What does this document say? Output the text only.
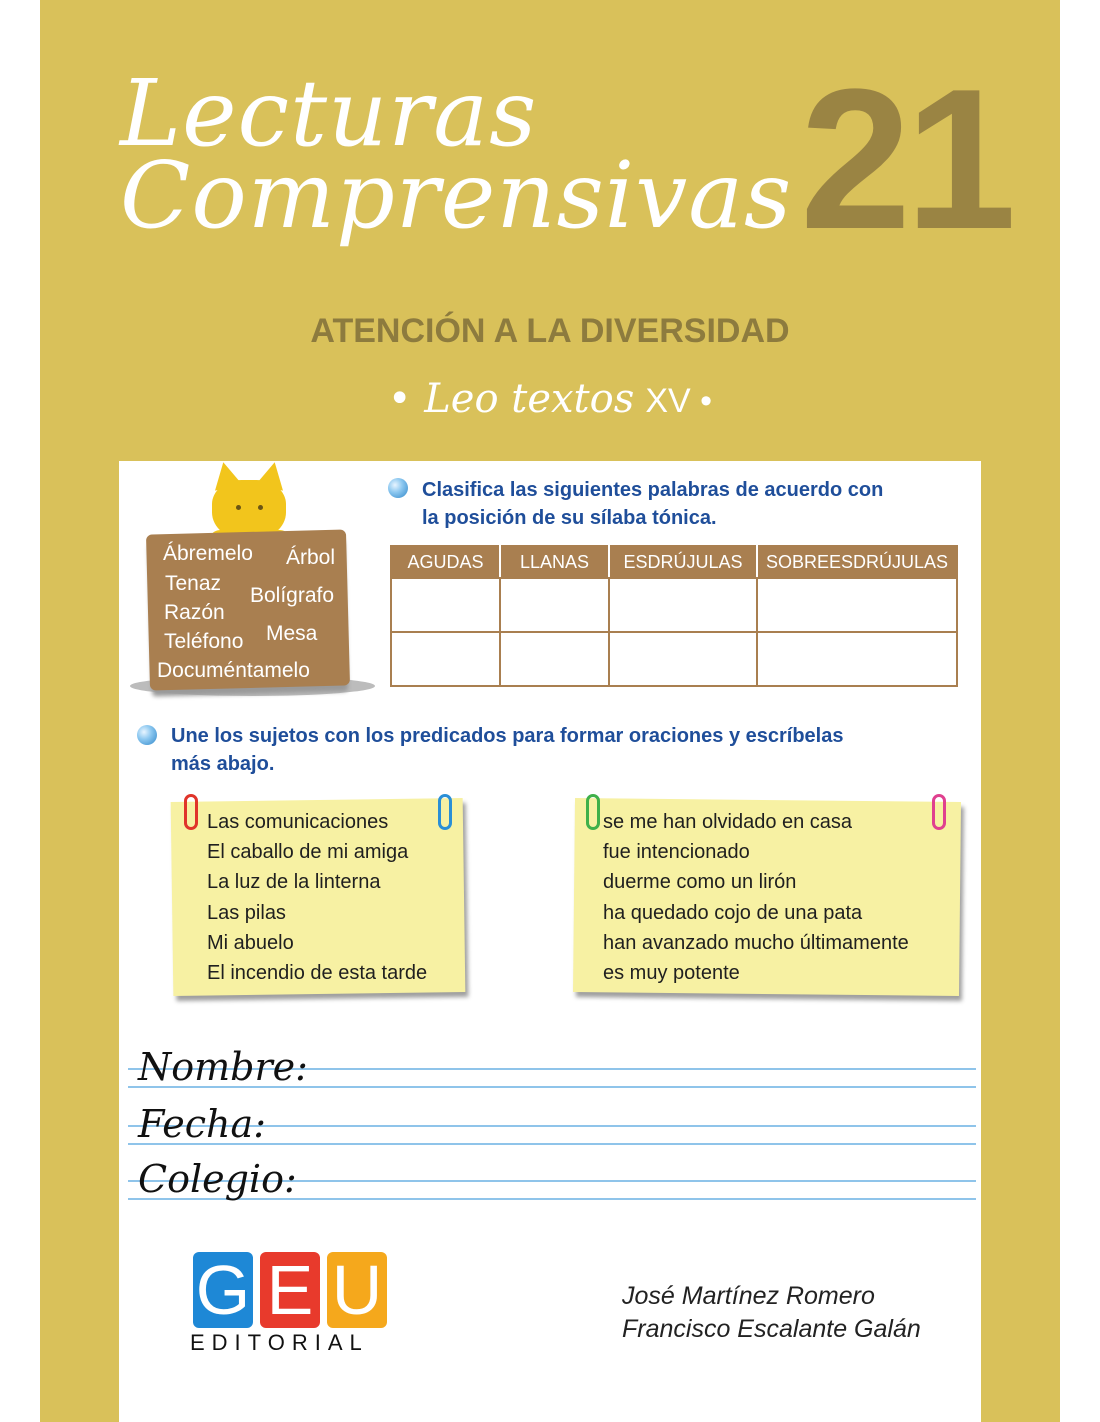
Lecturas
Comprensivas 21
ATENCIÓN A LA DIVERSIDAD
• Leo textos XV •
Ábremelo Árbol
Tenaz
Bolígrafo
Razón
Teléfono Mesa
Documéntamelo
Clasifica las siguientes palabras de acuerdo con
la posición de su sílaba tónica.
AGUDAS	LLANAS	ESDRÚJULAS	SOBREESDRÚJULAS

Une los sujetos con los predicados para formar oraciones y escríbelas
más abajo.
Las comunicaciones
El caballo de mi amiga
La luz de la linterna
Las pilas
Mi abuelo
El incendio de esta tarde
se me han olvidado en casa
fue intencionado
duerme como un lirón
ha quedado cojo de una pata
han avanzado mucho últimamente
es muy potente
Nombre:
Fecha:
Colegio:
G E U
EDITORIAL
José Martínez Romero
Francisco Escalante Galán
